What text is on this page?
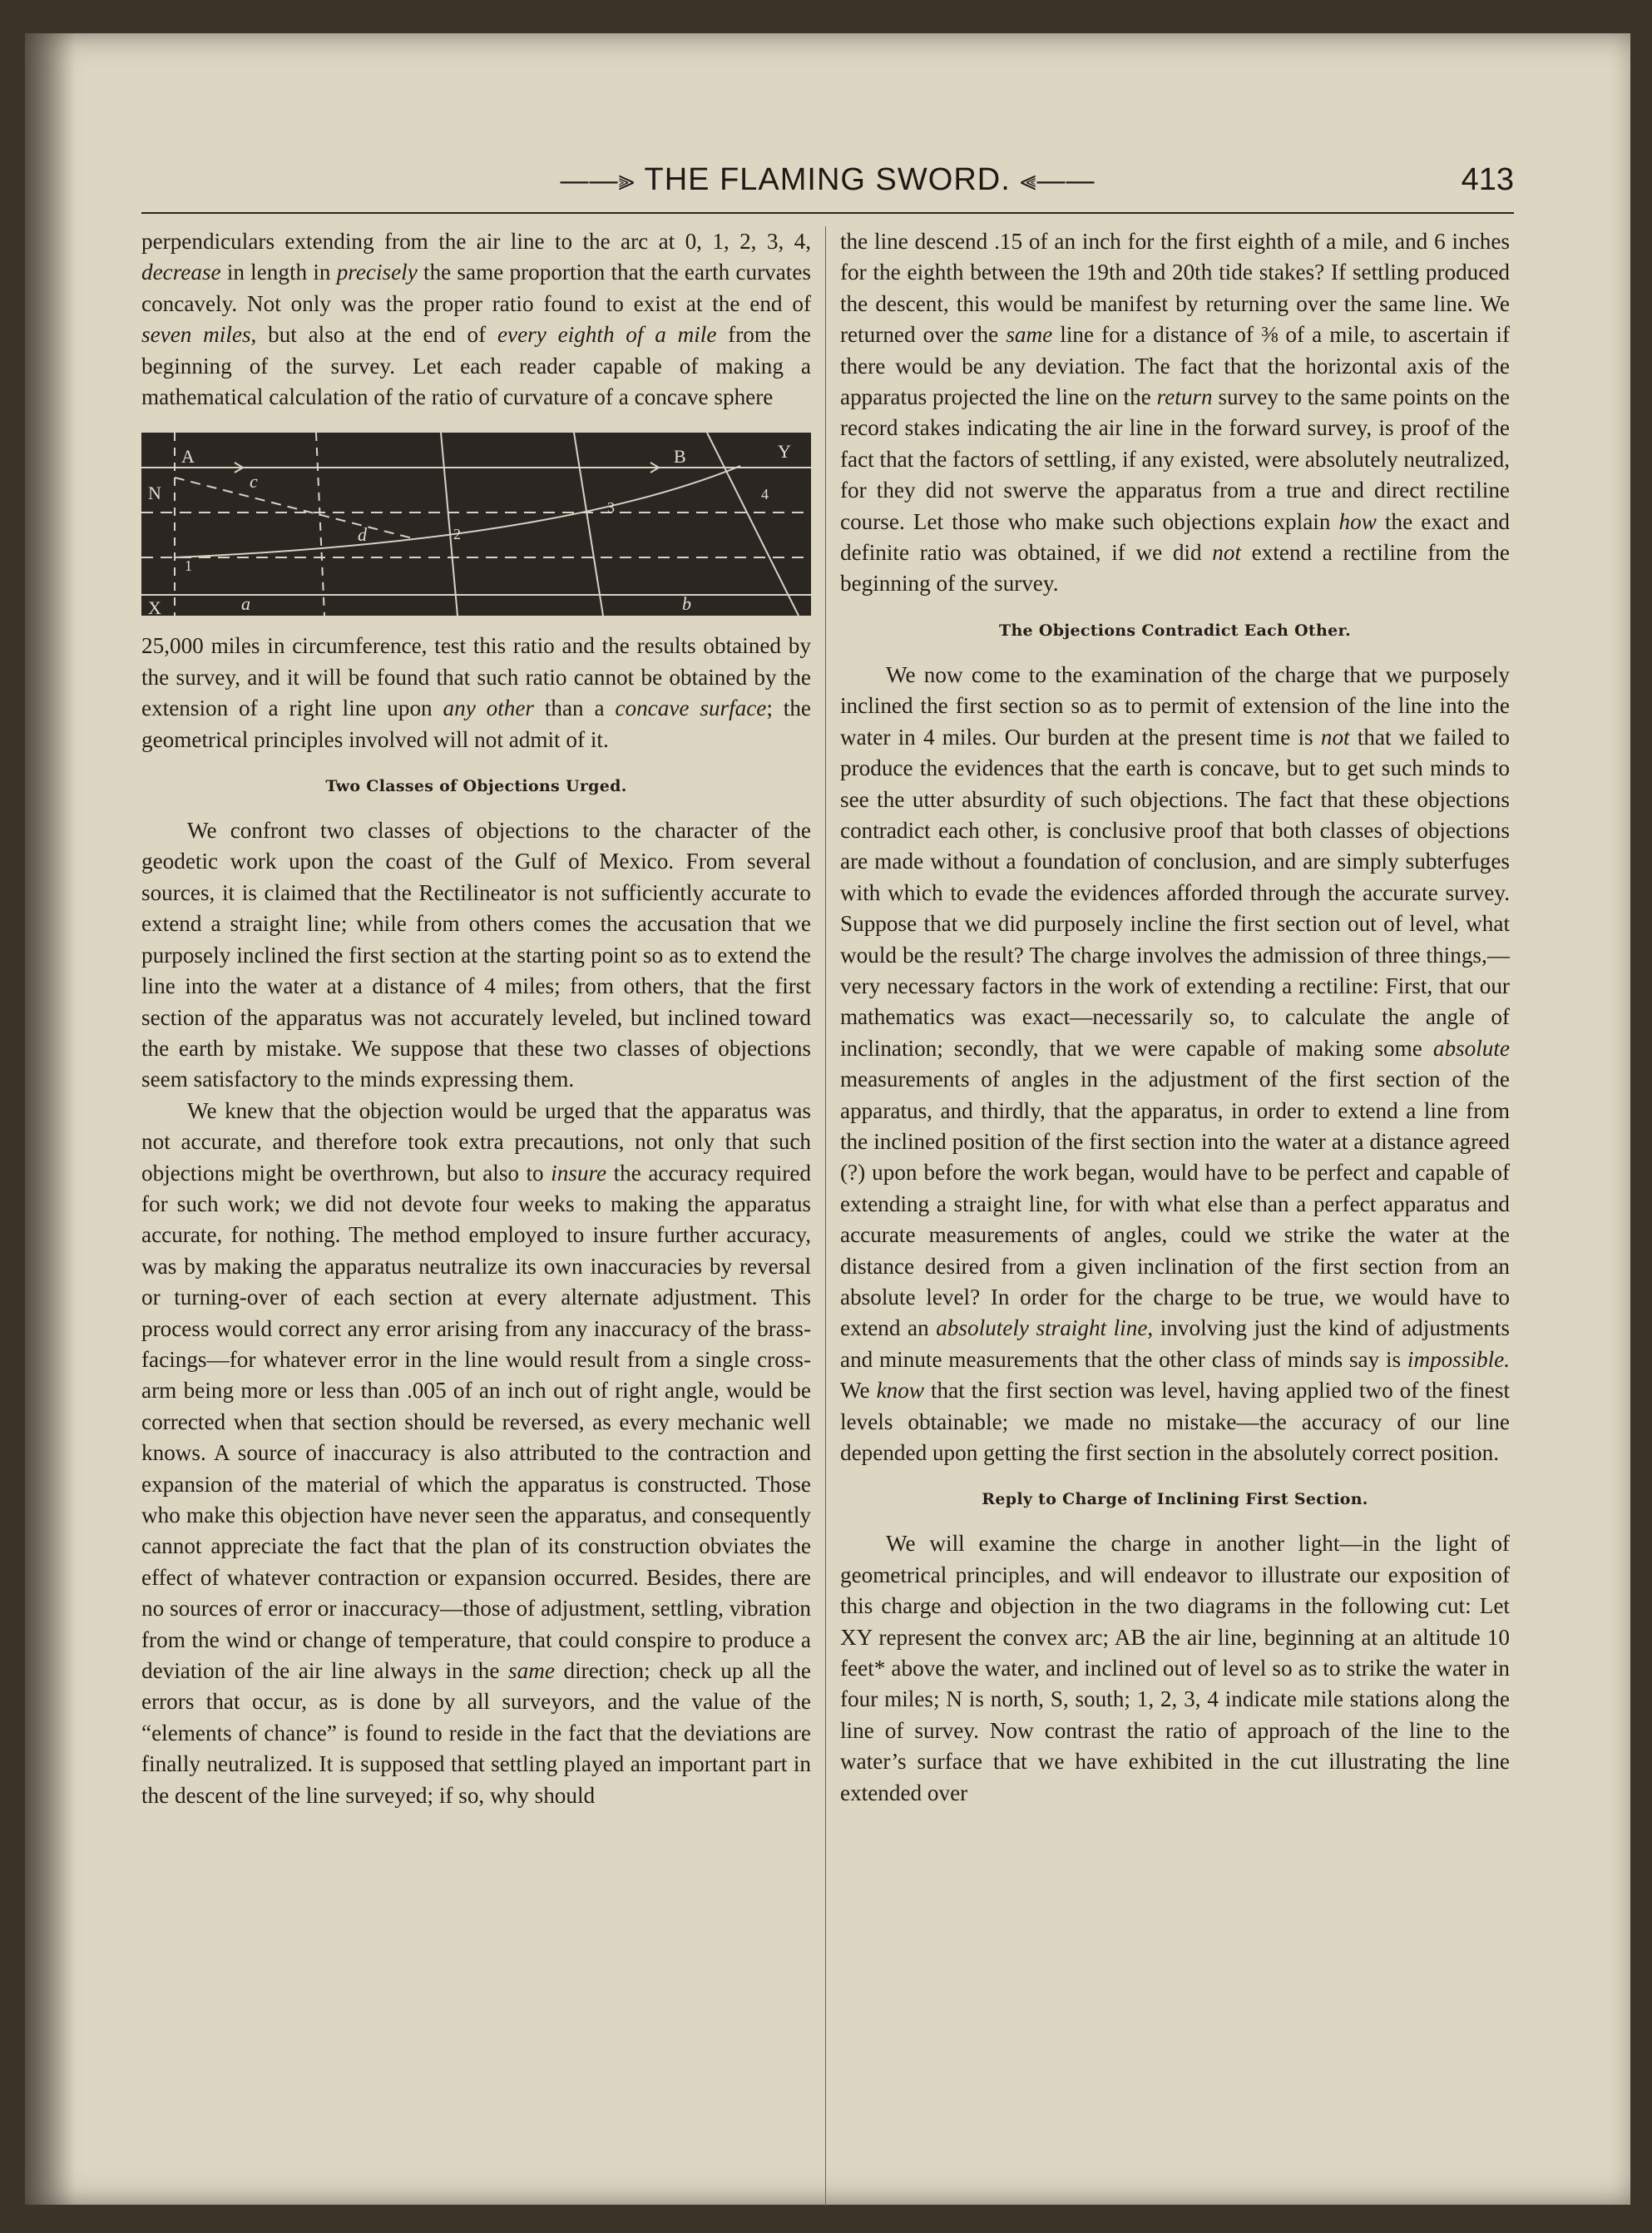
——⫸ THE FLAMING SWORD. ⫷——	413

perpendiculars extending from the air line to the arc at 0, 1, 2, 3, 4, decrease in length in precisely the same proportion that the earth curvates concavely. Not only was the proper ratio found to exist at the end of seven miles, but also at the end of every eighth of a mile from the beginning of the survey. Let each reader capable of making a mathematical calculation of the ratio of curvature of a concave sphere

A	B
N
X
Y
a	b
c
d
1
2
3
4

25,000 miles in circumference, test this ratio and the results obtained by the survey, and it will be found that such ratio cannot be obtained by the extension of a right line upon any other than a concave surface; the geometrical principles involved will not admit of it.

Two Classes of Objections Urged.

We confront two classes of objections to the character of the geodetic work upon the coast of the Gulf of Mexico. From several sources, it is claimed that the Rectilineator is not sufficiently accurate to extend a straight line; while from others comes the accusation that we purposely inclined the first section at the starting point so as to extend the line into the water at a distance of 4 miles; from others, that the first section of the apparatus was not accurately leveled, but inclined toward the earth by mistake. We suppose that these two classes of objections seem satisfactory to the minds expressing them.

We knew that the objection would be urged that the apparatus was not accurate, and therefore took extra precautions, not only that such objections might be overthrown, but also to insure the accuracy required for such work; we did not devote four weeks to making the apparatus accurate, for nothing. The method employed to insure further accuracy, was by making the apparatus neutralize its own inaccuracies by reversal or turning-over of each section at every alternate adjustment. This process would correct any error arising from any inaccuracy of the brass-facings—for whatever error in the line would result from a single cross-arm being more or less than .005 of an inch out of right angle, would be corrected when that section should be reversed, as every mechanic well knows. A source of inaccuracy is also attributed to the contraction and expansion of the material of which the apparatus is constructed. Those who make this objection have never seen the apparatus, and consequently cannot appreciate the fact that the plan of its construction obviates the effect of whatever contraction or expansion occurred. Besides, there are no sources of error or inaccuracy—those of adjustment, settling, vibration from the wind or change of temperature, that could conspire to produce a deviation of the air line always in the same direction; check up all the errors that occur, as is done by all surveyors, and the value of the “elements of chance” is found to reside in the fact that the deviations are finally neutralized. It is supposed that settling played an important part in the descent of the line surveyed; if so, why should

the line descend .15 of an inch for the first eighth of a mile, and 6 inches for the eighth between the 19th and 20th tide stakes? If settling produced the descent, this would be manifest by returning over the same line. We returned over the same line for a distance of ⅜ of a mile, to ascertain if there would be any deviation. The fact that the horizontal axis of the apparatus projected the line on the return survey to the same points on the record stakes indicating the air line in the forward survey, is proof of the fact that the factors of settling, if any existed, were absolutely neutralized, for they did not swerve the apparatus from a true and direct rectiline course. Let those who make such objections explain how the exact and definite ratio was obtained, if we did not extend a rectiline from the beginning of the survey.

The Objections Contradict Each Other.

We now come to the examination of the charge that we purposely inclined the first section so as to permit of extension of the line into the water in 4 miles. Our burden at the present time is not that we failed to produce the evidences that the earth is concave, but to get such minds to see the utter absurdity of such objections. The fact that these objections contradict each other, is conclusive proof that both classes of objections are made without a foundation of conclusion, and are simply subterfuges with which to evade the evidences afforded through the accurate survey. Suppose that we did purposely incline the first section out of level, what would be the result? The charge involves the admission of three things,—very necessary factors in the work of extending a rectiline: First, that our mathematics was exact—necessarily so, to calculate the angle of inclination; secondly, that we were capable of making some absolute measurements of angles in the adjustment of the first section of the apparatus, and thirdly, that the apparatus, in order to extend a line from the inclined position of the first section into the water at a distance agreed (?) upon before the work began, would have to be perfect and capable of extending a straight line, for with what else than a perfect apparatus and accurate measurements of angles, could we strike the water at the distance desired from a given inclination of the first section from an absolute level? In order for the charge to be true, we would have to extend an absolutely straight line, involving just the kind of adjustments and minute measurements that the other class of minds say is impossible. We know that the first section was level, having applied two of the finest levels obtainable; we made no mistake—the accuracy of our line depended upon getting the first section in the absolutely correct position.

Reply to Charge of Inclining First Section.

We will examine the charge in another light—in the light of geometrical principles, and will endeavor to illustrate our exposition of this charge and objection in the two diagrams in the following cut: Let XY represent the convex arc; AB the air line, beginning at an altitude 10 feet* above the water, and inclined out of level so as to strike the water in four miles; N is north, S, south; 1, 2, 3, 4 indicate mile stations along the line of survey. Now contrast the ratio of approach of the line to the water’s surface that we have exhibited in the cut illustrating the line extended over
